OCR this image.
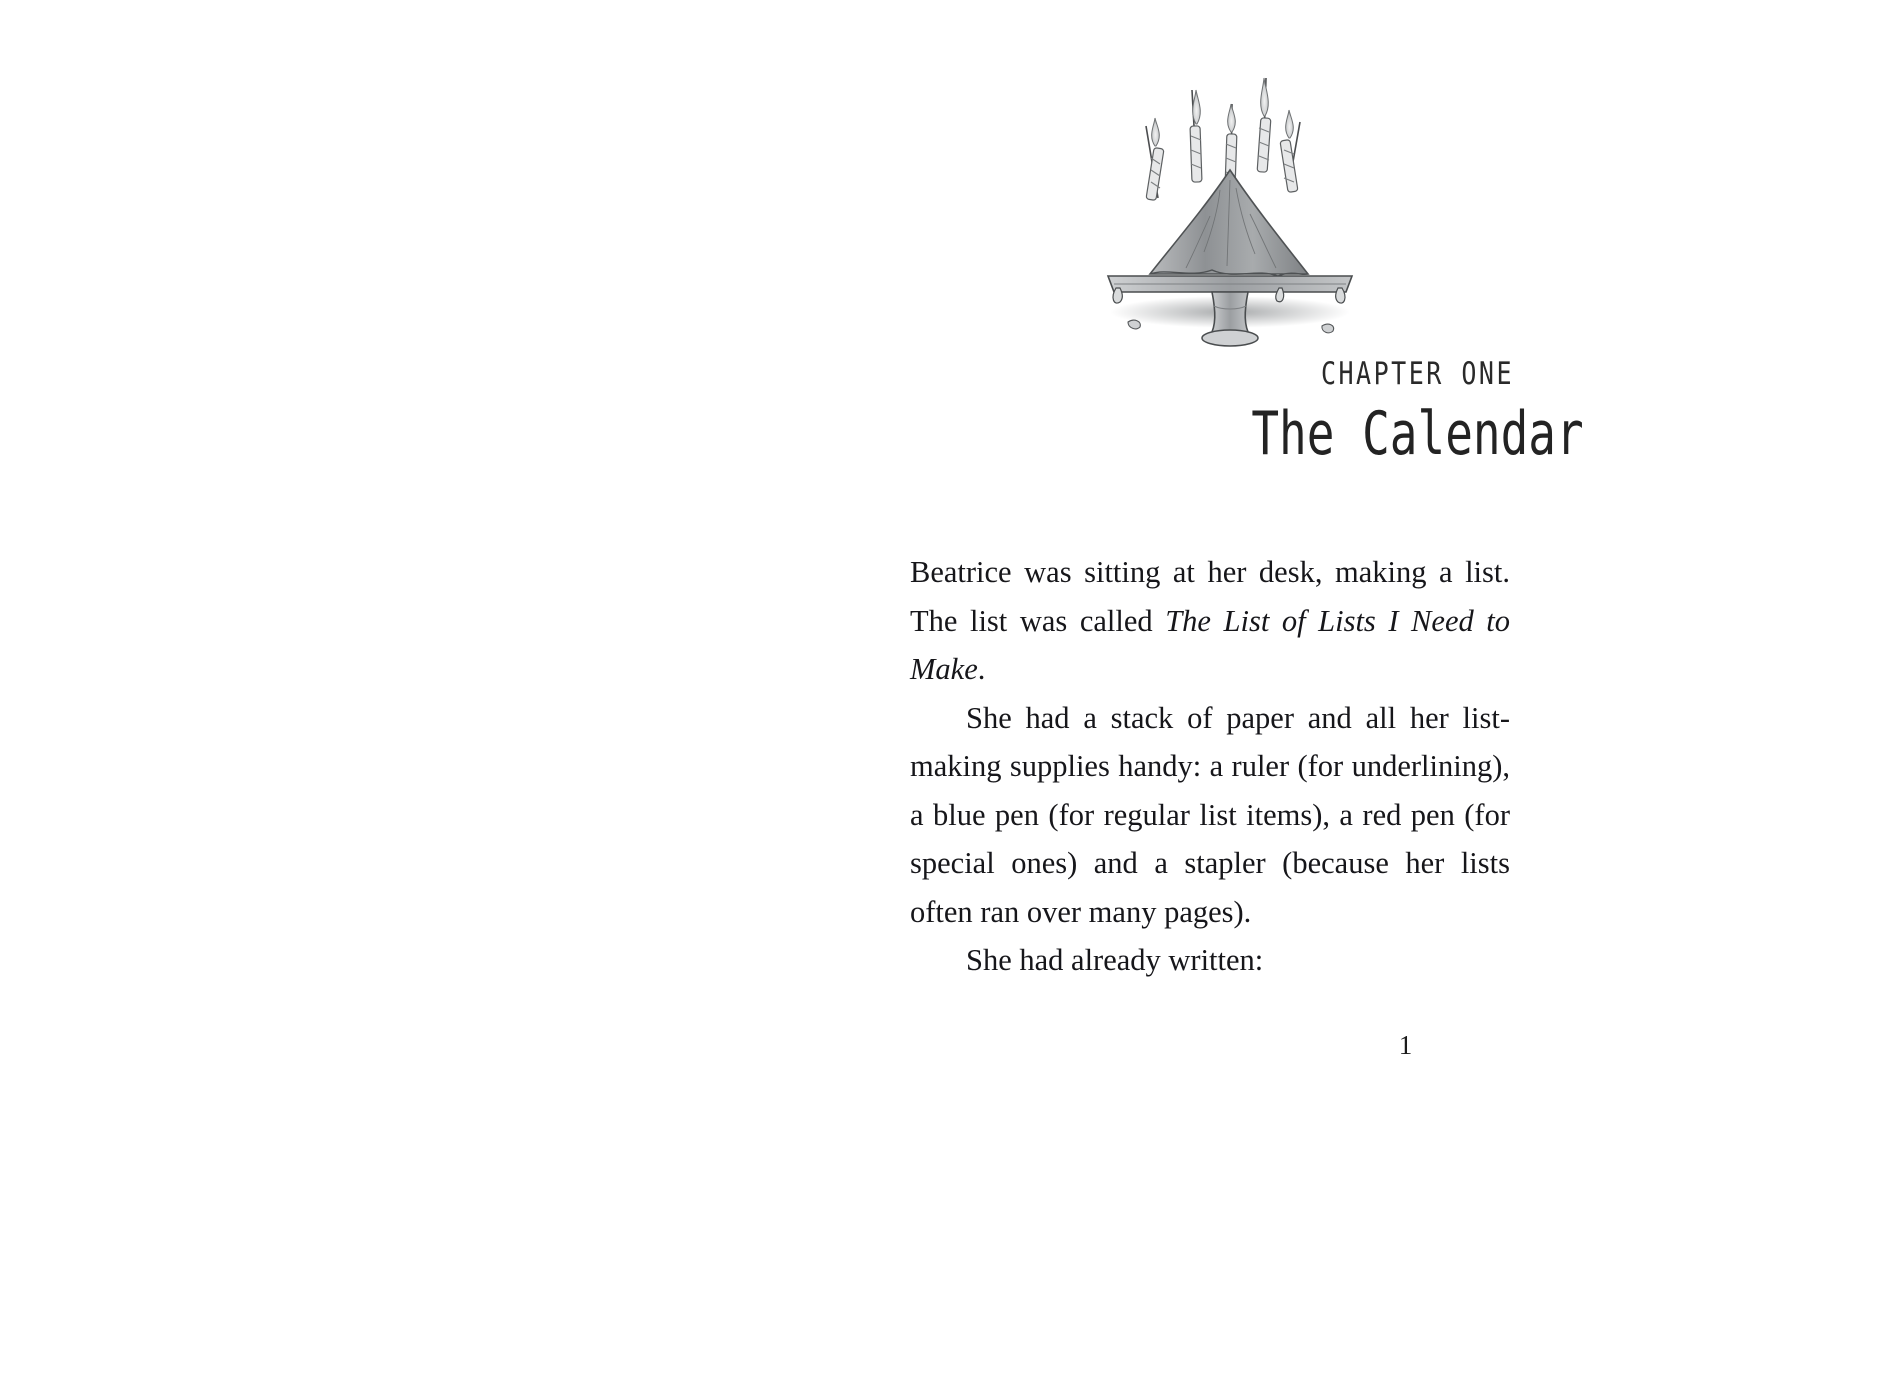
CHAPTER ONE
The Calendar

Beatrice was sitting at her desk, making a list. The list was called The List of Lists I Need to Make.

She had a stack of paper and all her list-making supplies handy: a ruler (for underlining), a blue pen (for regular list items), a red pen (for special ones) and a stapler (because her lists often ran over many pages).

She had already written:

1
